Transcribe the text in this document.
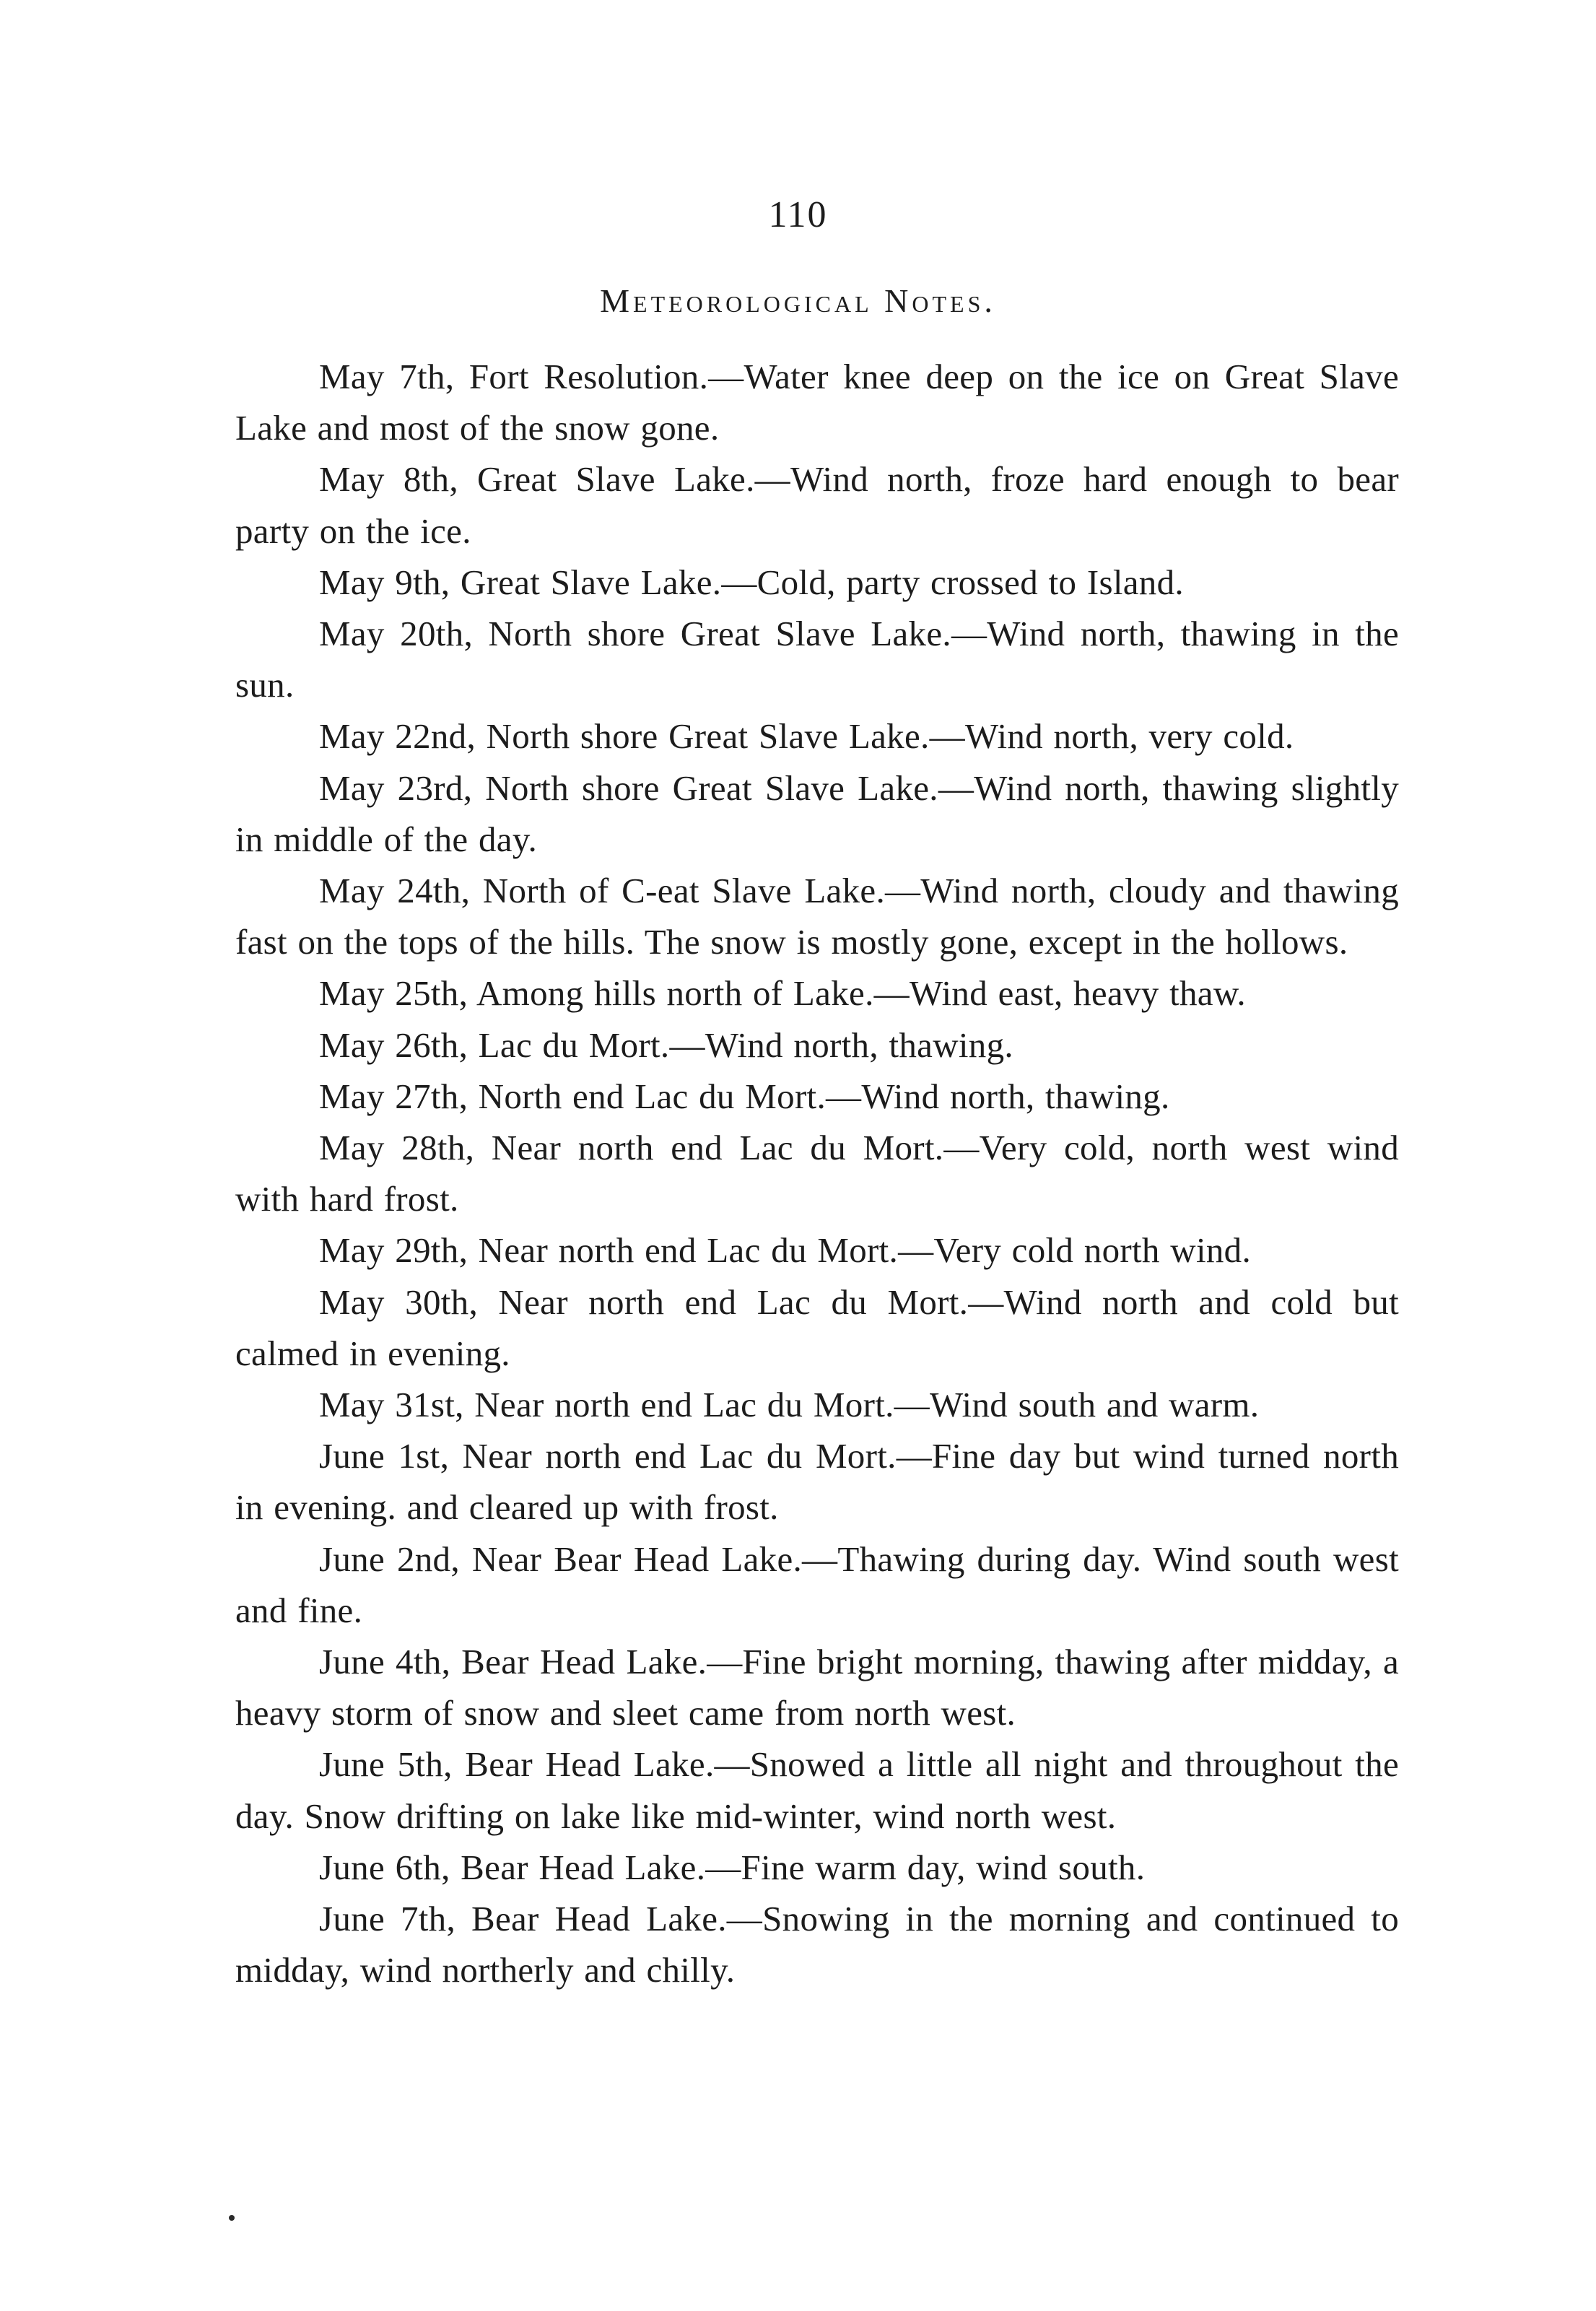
110
Meteorological Notes.

May 7th, Fort Resolution.—Water knee deep on the ice on Great Slave Lake and most of the snow gone.

May 8th, Great Slave Lake.—Wind north, froze hard enough to bear party on the ice.

May 9th, Great Slave Lake.—Cold, party crossed to Island.

May 20th, North shore Great Slave Lake.—Wind north, thawing in the sun.

May 22nd, North shore Great Slave Lake.—Wind north, very cold.

May 23rd, North shore Great Slave Lake.—Wind north, thawing slightly in middle of the day.

May 24th, North of C-eat Slave Lake.—Wind north, cloudy and thawing fast on the tops of the hills. The snow is mostly gone, except in the hollows.

May 25th, Among hills north of Lake.—Wind east, heavy thaw.

May 26th, Lac du Mort.—Wind north, thawing.

May 27th, North end Lac du Mort.—Wind north, thawing.

May 28th, Near north end Lac du Mort.—Very cold, north west wind with hard frost.

May 29th, Near north end Lac du Mort.—Very cold north wind.

May 30th, Near north end Lac du Mort.—Wind north and cold but calmed in evening.

May 31st, Near north end Lac du Mort.—Wind south and warm.

June 1st, Near north end Lac du Mort.—Fine day but wind turned north in evening. and cleared up with frost.

June 2nd, Near Bear Head Lake.—Thawing during day. Wind south west and fine.

June 4th, Bear Head Lake.—Fine bright morning, thawing after midday, a heavy storm of snow and sleet came from north west.

June 5th, Bear Head Lake.—Snowed a little all night and throughout the day. Snow drifting on lake like mid-winter, wind north west.

June 6th, Bear Head Lake.—Fine warm day, wind south.

June 7th, Bear Head Lake.—Snowing in the morning and continued to midday, wind northerly and chilly.
